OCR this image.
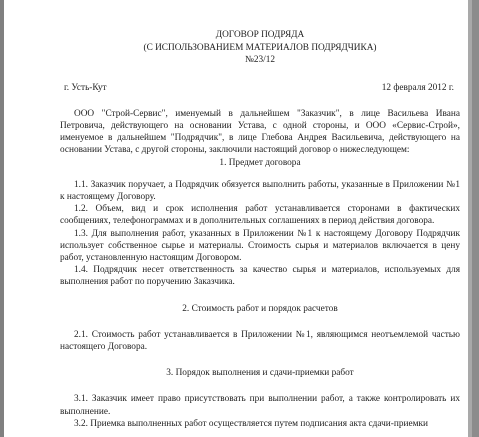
ДОГОВОР ПОДРЯДА
(С ИСПОЛЬЗОВАНИЕМ МАТЕРИАЛОВ ПОДРЯДЧИКА)
№23/12
г. Усть-Кут	12 февраля 2012 г.

ООО "Строй-Сервис", именуемый в дальнейшем "Заказчик", в лице Васильева Ивана Петровича, действующего на основании Устава, с одной стороны, и ООО «Сервис-Строй», именуемое в дальнейшем "Подрядчик", в лице Глебова Андрея Васильевича, действующего на основании Устава, с другой стороны, заключили настоящий договор о нижеследующем:

1. Предмет договора

1.1. Заказчик поручает, а Подрядчик обязуется выполнить работы, указанные в Приложении №1 к настоящему Договору.

1.2. Объем, вид и срок исполнения работ устанавливается сторонами в фактических сообщениях, телефонограммах и в дополнительных соглашениях в период действия договора.

1.3. Для выполнения работ, указанных в Приложении №1 к настоящему Договору Подрядчик использует собственное сырье и материалы. Стоимость сырья и материалов включается в цену работ, установленную настоящим Договором.

1.4. Подрядчик несет ответственность за качество сырья и материалов, используемых для выполнения работ по поручению Заказчика.

2. Стоимость работ и порядок расчетов

2.1. Стоимость работ устанавливается в Приложении №1, являющимся неотъемлемой частью настоящего Договора.

3. Порядок выполнения и сдачи-приемки работ

3.1. Заказчик имеет право присутствовать при выполнении работ, а также контролировать их выполнение.

3.2. Приемка выполненных работ осуществляется путем подписания акта сдачи-приемки
